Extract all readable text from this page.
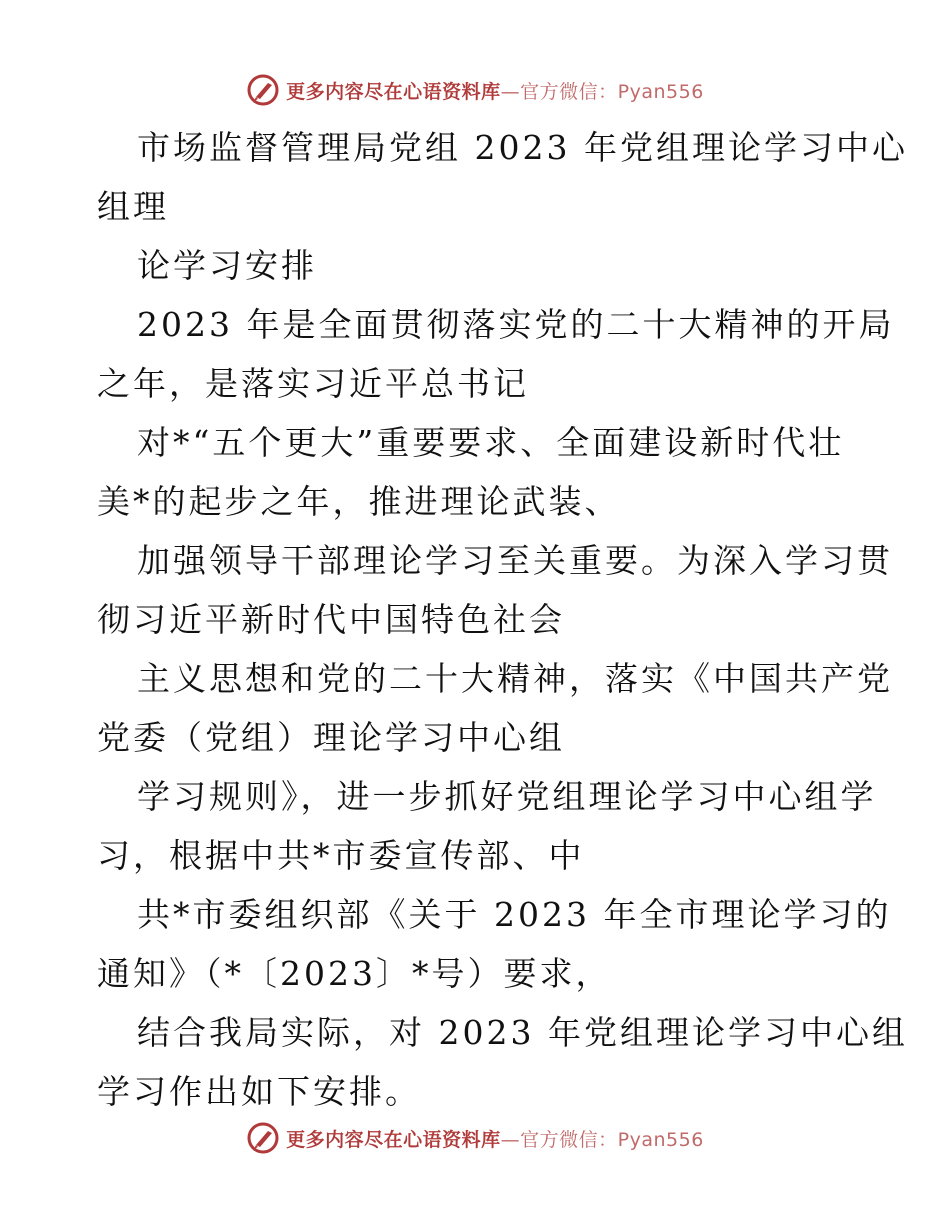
更多内容尽在心语资料库—官方微信：Pyan556
市场监督管理局党组 2023 年党组理论学习中心
组理
论学习安排
2023 年是全面贯彻落实党的二十大精神的开局
之年，是落实习近平总书记
对*“五个更大”重要要求、全面建设新时代壮
美*的起步之年，推进理论武装、
加强领导干部理论学习至关重要。为深入学习贯
彻习近平新时代中国特色社会
主义思想和党的二十大精神，落实《中国共产党
党委（党组）理论学习中心组
学习规则》，进一步抓好党组理论学习中心组学
习，根据中共*市委宣传部、中
共*市委组织部《关于 2023 年全市理论学习的
通知》（*〔2023〕*号）要求，
结合我局实际，对 2023 年党组理论学习中心组
学习作出如下安排。
更多内容尽在心语资料库—官方微信：Pyan556
